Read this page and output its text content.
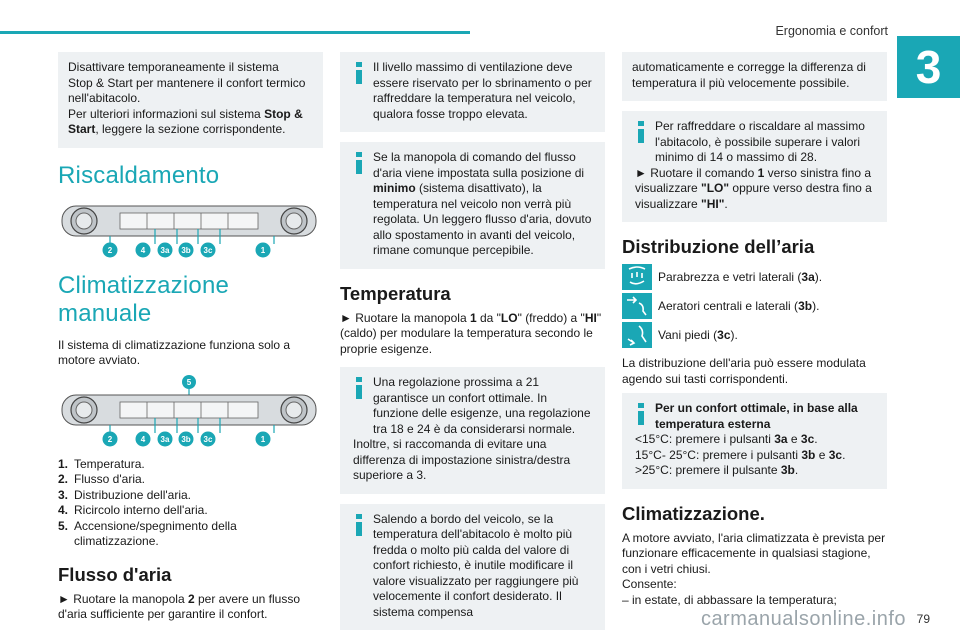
Ergonomia e confort
3
Disattivare temporaneamente il sistema
Stop & Start per mantenere il confort termico
nell'abitacolo.
Per ulteriori informazioni sul sistema Stop &
Start, leggere la sezione corrispondente.
Riscaldamento
2	4 3a 3b 3c	1
Climatizzazione manuale

Il sistema di climatizzazione funziona solo a motore avviato.

5
2	4 3a 3b 3c	1
1. Temperatura.
2. Flusso d'aria.
3. Distribuzione dell'aria.
4. Ricircolo interno dell'aria.
5. Accensione/spegnimento della climatizzazione.
Flusso d'aria

► Ruotare la manopola 2 per avere un flusso d'aria sufficiente per garantire il confort.

Il livello massimo di ventilazione deve essere riservato per lo sbrinamento o per raffreddare la temperatura nel veicolo, qualora fosse troppo elevata.
Se la manopola di comando del flusso d'aria viene impostata sulla posizione di minimo (sistema disattivato), la temperatura nel veicolo non verrà più regolata. Un leggero flusso d'aria, dovuto allo spostamento in avanti del veicolo, rimane comunque percepibile.
Temperatura

► Ruotare la manopola 1 da "LO" (freddo) a "HI" (caldo) per modulare la temperatura secondo le proprie esigenze.

Una regolazione prossima a 21 garantisce un confort ottimale. In funzione delle esigenze, una regolazione tra 18 e 24 è da considerarsi normale.
Inoltre, si raccomanda di evitare una differenza di impostazione sinistra/destra superiore a 3.
Salendo a bordo del veicolo, se la temperatura dell'abitacolo è molto più fredda o molto più calda del valore di confort richiesto, è inutile modificare il valore visualizzato per raggiungere più velocemente il confort desiderato. Il sistema compensa
automaticamente e corregge la differenza di temperatura il più velocemente possibile.
Per raffreddare o riscaldare al massimo l'abitacolo, è possibile superare i valori minimo di 14 o massimo di 28.
► Ruotare il comando 1 verso sinistra fino a visualizzare "LO" oppure verso destra fino a visualizzare "HI".
Distribuzione dell’aria
Parabrezza e vetri laterali (3a).
Aeratori centrali e laterali (3b).
Vani piedi (3c).

La distribuzione dell'aria può essere modulata agendo sui tasti corrispondenti.

Per un confort ottimale, in base alla temperatura esterna
<15°C: premere i pulsanti 3a e 3c.
15°C- 25°C: premere i pulsanti 3b e 3c.
>25°C: premere il pulsante 3b.
Climatizzazione.

A motore avviato, l'aria climatizzata è prevista per funzionare efficacemente in qualsiasi stagione, con i vetri chiusi.
Consente:
– in estate, di abbassare la temperatura;

carmanualsonline.info 79
